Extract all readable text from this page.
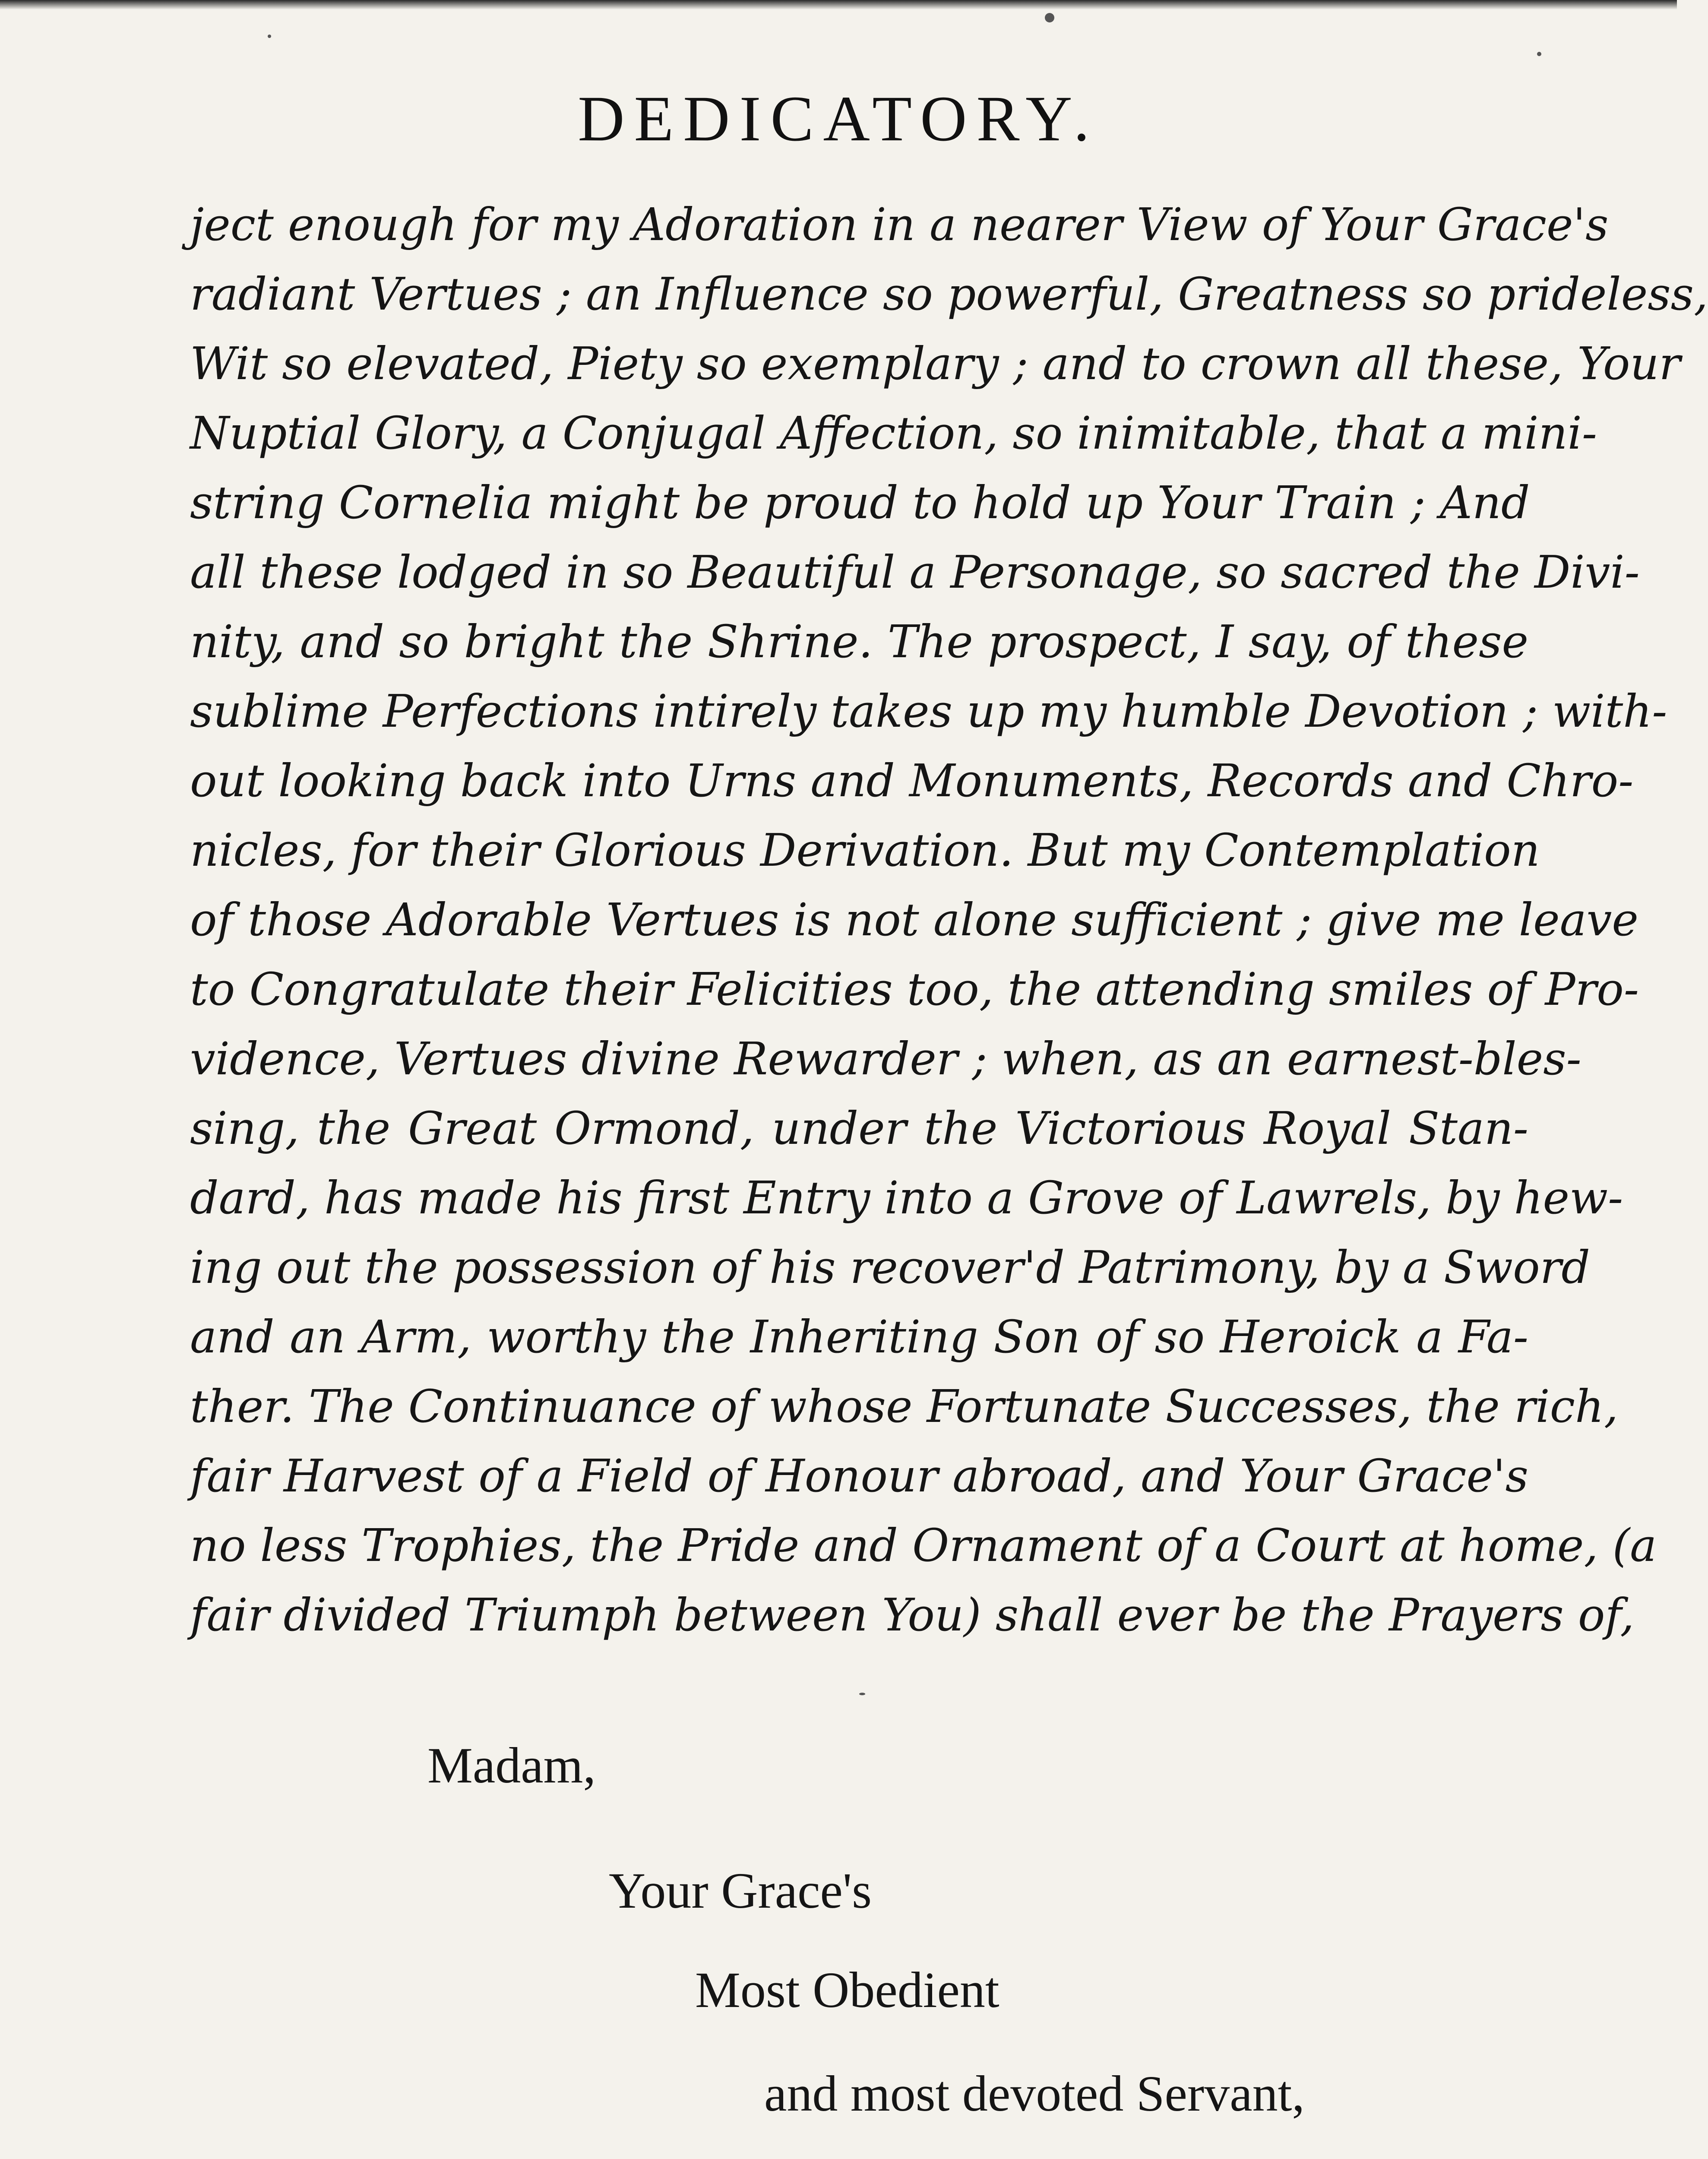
DEDICATORY.
ject enough for my Adoration in a nearer View of Your Grace's
radiant Vertues ; an Influence so powerful, Greatness so prideless,
Wit so elevated, Piety so exemplary ; and to crown all these, Your
Nuptial Glory, a Conjugal Affection, so inimitable, that a mini-
string Cornelia might be proud to hold up Your Train ; And
all these lodged in so Beautiful a Personage, so sacred the Divi-
nity, and so bright the Shrine. The prospect, I say, of these
sublime Perfections intirely takes up my humble Devotion ; with-
out looking back into Urns and Monuments, Records and Chro-
nicles, for their Glorious Derivation. But my Contemplation
of those Adorable Vertues is not alone sufficient ; give me leave
to Congratulate their Felicities too, the attending smiles of Pro-
vidence, Vertues divine Rewarder ; when, as an earnest-bles-
sing, the Great Ormond, under the Victorious Royal Stan-
dard, has made his first Entry into a Grove of Lawrels, by hew-
ing out the possession of his recover'd Patrimony, by a Sword
and an Arm, worthy the Inheriting Son of so Heroick a Fa-
ther. The Continuance of whose Fortunate Successes, the rich,
fair Harvest of a Field of Honour abroad, and Your Grace's
no less Trophies, the Pride and Ornament of a Court at home, (a
fair divided Triumph between You) shall ever be the Prayers of,
Madam,
Your Grace's
Most Obedient
and most devoted Servant,
